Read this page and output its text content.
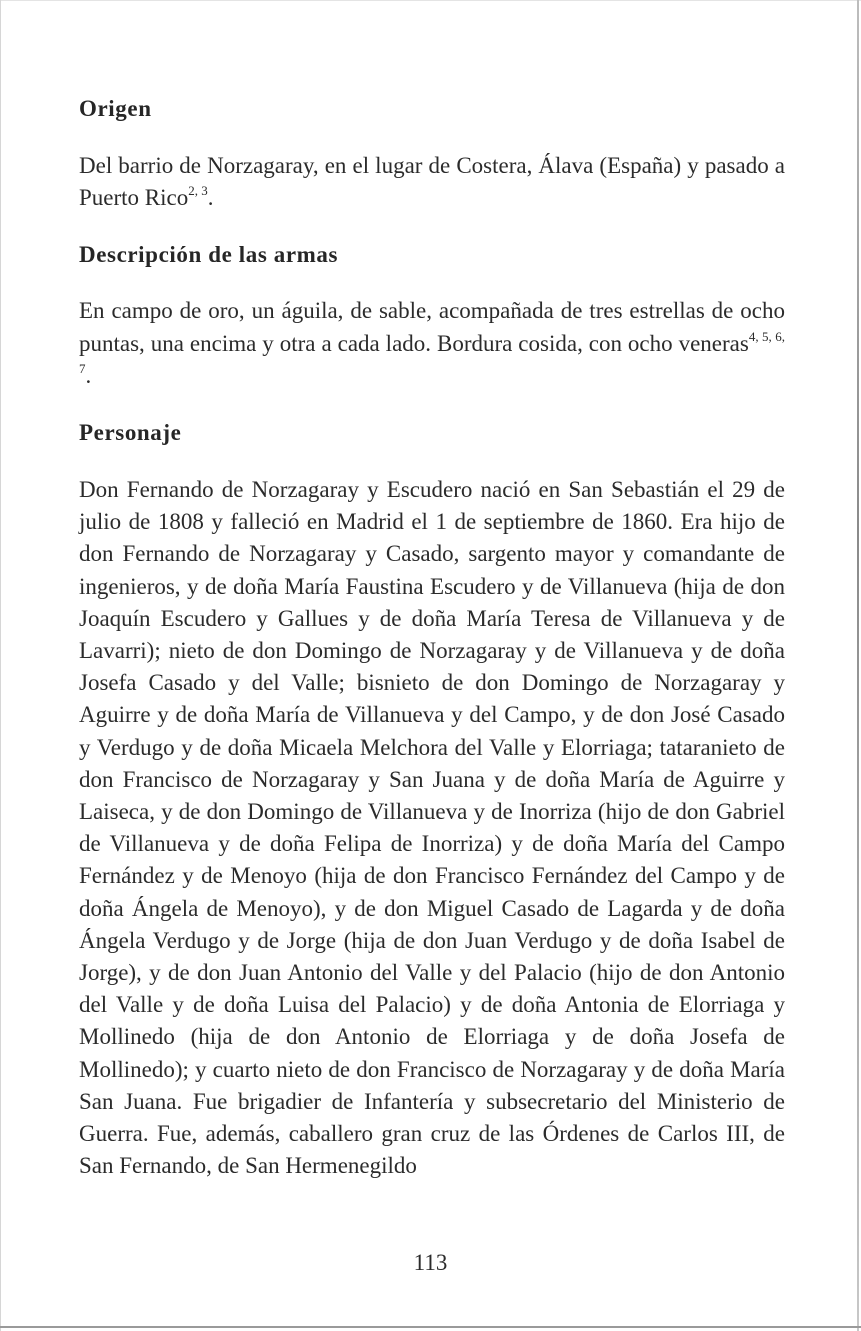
Origen

Del barrio de Norzagaray, en el lugar de Costera, Álava (España) y pasado a Puerto Rico$^{2, 3}$.

Descripción de las armas

En campo de oro, un águila, de sable, acompañada de tres estrellas de ocho puntas, una encima y otra a cada lado. Bordura cosida, con ocho veneras$^{4, 5, 6, 7}$.

Personaje

Don Fernando de Norzagaray y Escudero nació en San Sebastián el 29 de julio de 1808 y falleció en Madrid el 1 de septiembre de 1860. Era hijo de don Fernando de Norzagaray y Casado, sargento mayor y comandante de ingenieros, y de doña María Faustina Escudero y de Villanueva (hija de don Joaquín Escudero y Gallues y de doña María Teresa de Villanueva y de Lavarri); nieto de don Domingo de Norzagaray y de Villanueva y de doña Josefa Casado y del Valle; bisnieto de don Domingo de Norzagaray y Aguirre y de doña María de Villanueva y del Campo, y de don José Casado y Verdugo y de doña Micaela Melchora del Valle y Elorriaga; tataranieto de don Francisco de Norzagaray y San Juana y de doña María de Aguirre y Laiseca, y de don Domingo de Villanueva y de Inorriza (hijo de don Gabriel de Villanueva y de doña Felipa de Inorriza) y de doña María del Campo Fernández y de Menoyo (hija de don Francisco Fernández del Campo y de doña Ángela de Menoyo), y de don Miguel Casado de Lagarda y de doña Ángela Verdugo y de Jorge (hija de don Juan Verdugo y de doña Isabel de Jorge), y de don Juan Antonio del Valle y del Palacio (hijo de don Antonio del Valle y de doña Luisa del Palacio) y de doña Antonia de Elorriaga y Mollinedo (hija de don Antonio de Elorriaga y de doña Josefa de Mollinedo); y cuarto nieto de don Francisco de Norzagaray y de doña María San Juana. Fue brigadier de Infantería y subsecretario del Ministerio de Guerra. Fue, además, caballero gran cruz de las Órdenes de Carlos III, de San Fernando, de San Hermenegildo

113
